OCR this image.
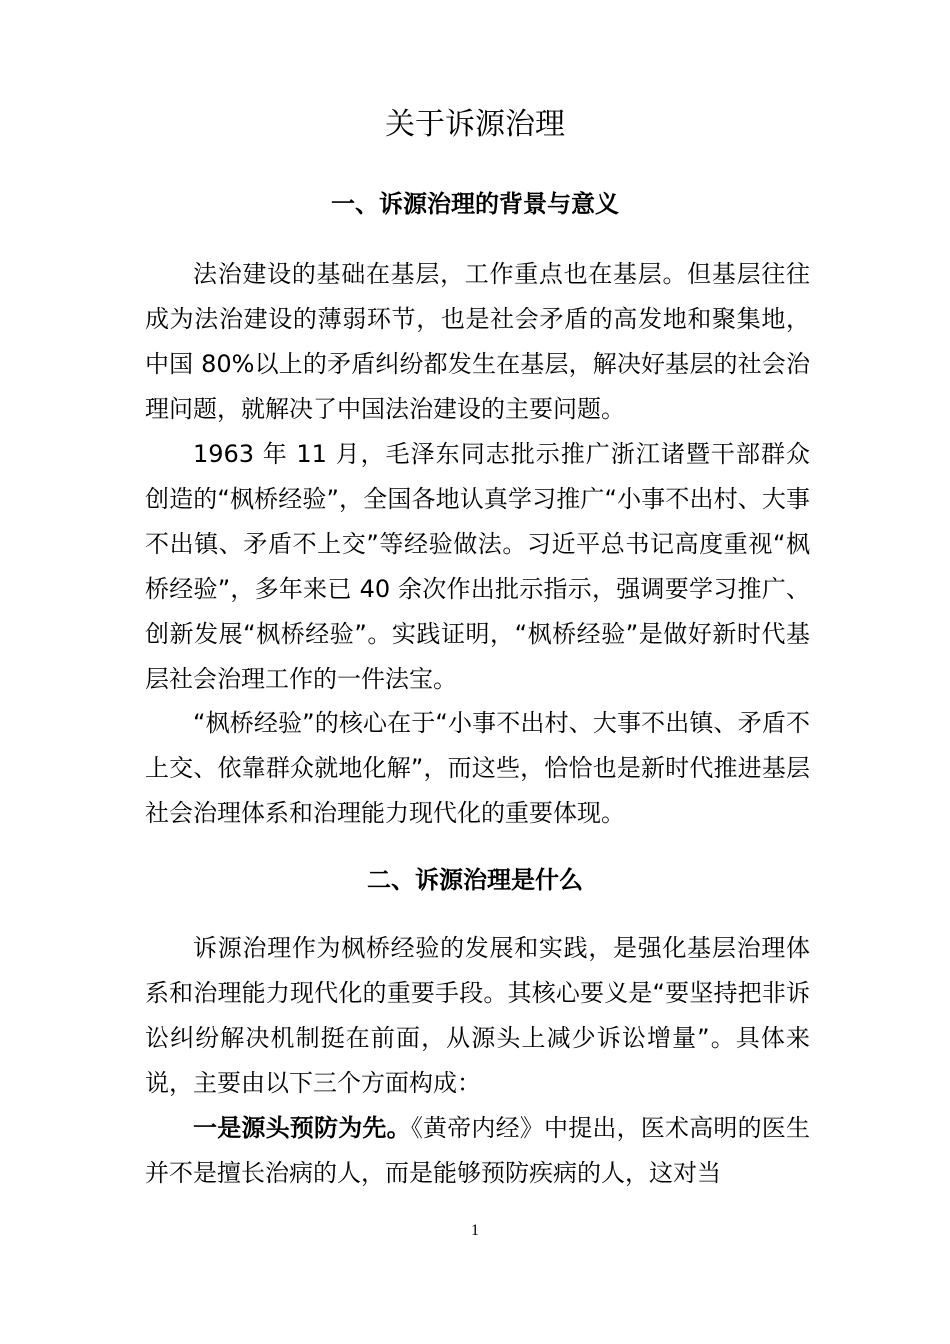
关于诉源治理
一、诉源治理的背景与意义

法治建设的基础在基层，工作重点也在基层。但基层往往成为法治建设的薄弱环节，也是社会矛盾的高发地和聚集地，中国 80%以上的矛盾纠纷都发生在基层，解决好基层的社会治理问题，就解决了中国法治建设的主要问题。

1963 年 11 月，毛泽东同志批示推广浙江诸暨干部群众创造的“枫桥经验”，全国各地认真学习推广“小事不出村、大事不出镇、矛盾不上交”等经验做法。习近平总书记高度重视“枫桥经验”，多年来已 40 余次作出批示指示，强调要学习推广、创新发展“枫桥经验”。实践证明，“枫桥经验”是做好新时代基层社会治理工作的一件法宝。

“枫桥经验”的核心在于“小事不出村、大事不出镇、矛盾不上交、依靠群众就地化解”，而这些，恰恰也是新时代推进基层社会治理体系和治理能力现代化的重要体现。

二、诉源治理是什么

诉源治理作为枫桥经验的发展和实践，是强化基层治理体系和治理能力现代化的重要手段。其核心要义是“要坚持把非诉讼纠纷解决机制挺在前面，从源头上减少诉讼增量”。具体来说，主要由以下三个方面构成：

一是源头预防为先。《黄帝内经》中提出，医术高明的医生并不是擅长治病的人，而是能够预防疾病的人，这对当

1
